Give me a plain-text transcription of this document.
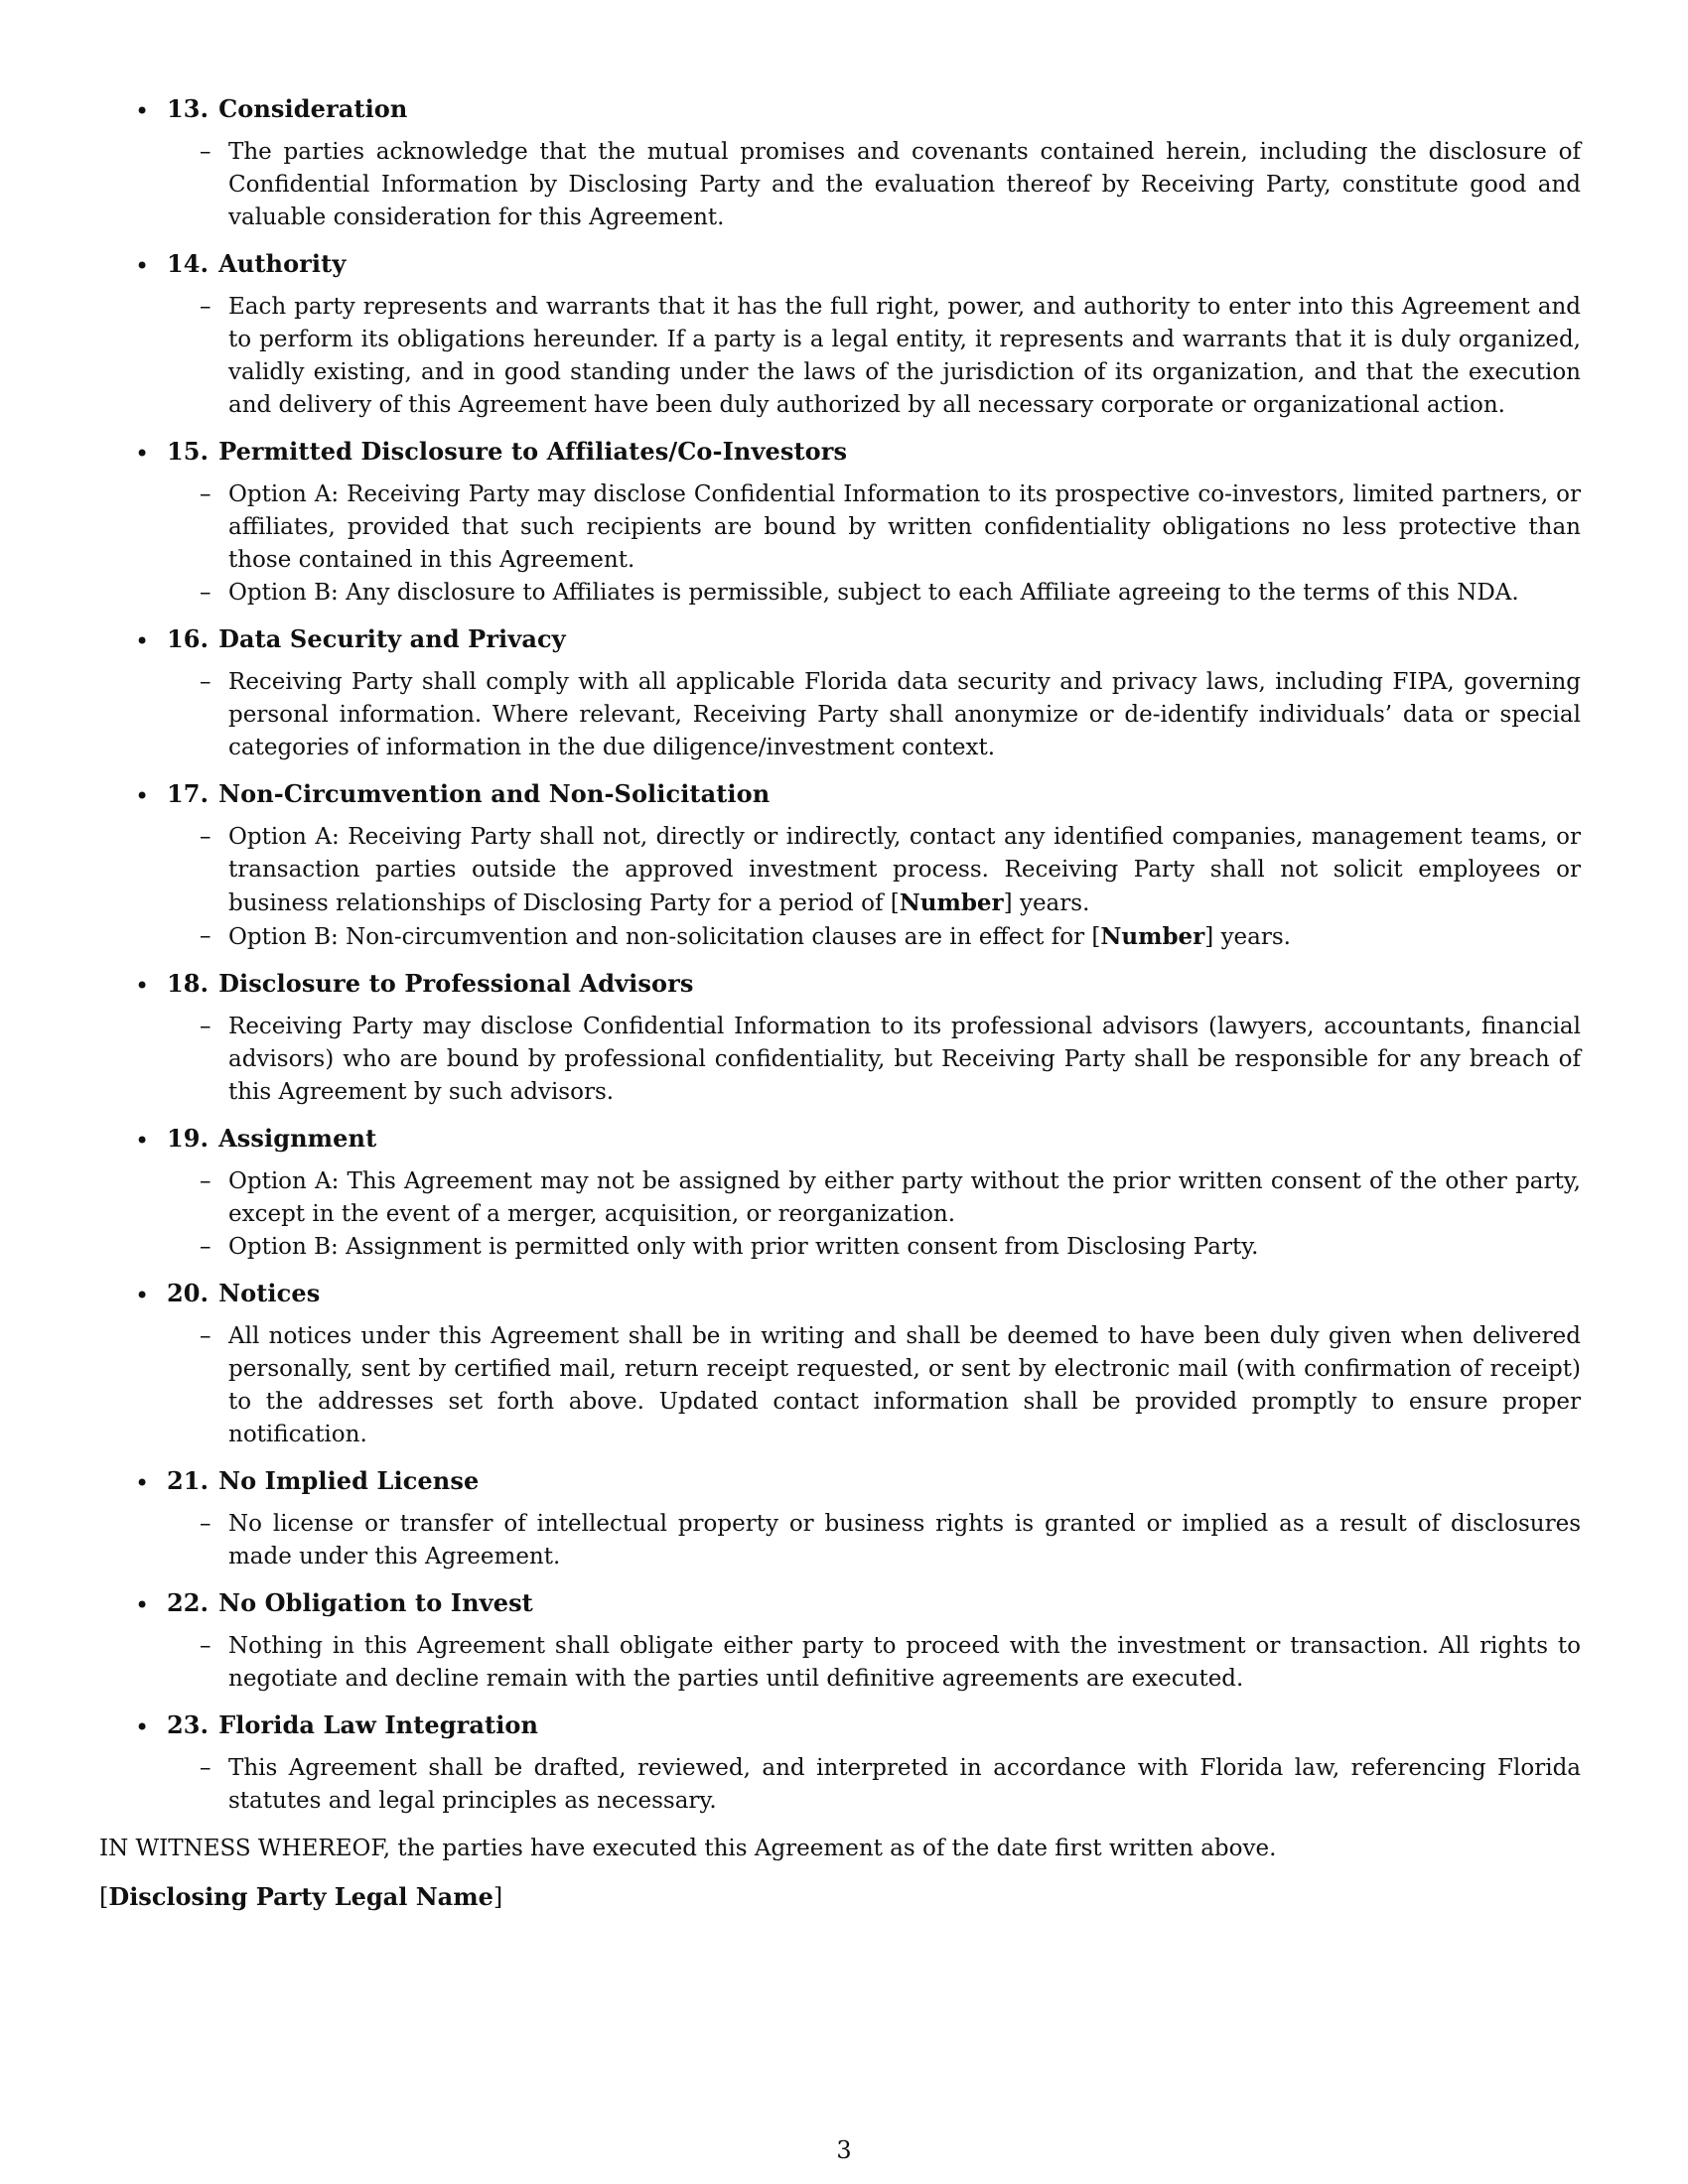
• 13. Consideration
– The parties acknowledge that the mutual promises and covenants contained herein, including the disclosure of Confidential Information by Disclosing Party and the evaluation thereof by Receiving Party, constitute good and valuable consideration for this Agreement.
• 14. Authority
– Each party represents and warrants that it has the full right, power, and authority to enter into this Agreement and to perform its obligations hereunder. If a party is a legal entity, it represents and warrants that it is duly organized, validly existing, and in good standing under the laws of the jurisdiction of its organization, and that the execution and delivery of this Agreement have been duly authorized by all necessary corporate or organizational action.
• 15. Permitted Disclosure to Affiliates/Co-Investors
– Option A: Receiving Party may disclose Confidential Information to its prospective co-investors, limited partners, or affiliates, provided that such recipients are bound by written confidentiality obligations no less protective than those contained in this Agreement.
– Option B: Any disclosure to Affiliates is permissible, subject to each Affiliate agreeing to the terms of this NDA.
• 16. Data Security and Privacy
– Receiving Party shall comply with all applicable Florida data security and privacy laws, including FIPA, governing personal information. Where relevant, Receiving Party shall anonymize or de-identify individuals’ data or special categories of information in the due diligence/investment context.
• 17. Non-Circumvention and Non-Solicitation
– Option A: Receiving Party shall not, directly or indirectly, contact any identified companies, management teams, or transaction parties outside the approved investment process. Receiving Party shall not solicit employees or business relationships of Disclosing Party for a period of [Number] years.
– Option B: Non-circumvention and non-solicitation clauses are in effect for [Number] years.
• 18. Disclosure to Professional Advisors
– Receiving Party may disclose Confidential Information to its professional advisors (lawyers, accountants, financial advisors) who are bound by professional confidentiality, but Receiving Party shall be responsible for any breach of this Agreement by such advisors.
• 19. Assignment
– Option A: This Agreement may not be assigned by either party without the prior written consent of the other party, except in the event of a merger, acquisition, or reorganization.
– Option B: Assignment is permitted only with prior written consent from Disclosing Party.
• 20. Notices
– All notices under this Agreement shall be in writing and shall be deemed to have been duly given when delivered personally, sent by certified mail, return receipt requested, or sent by electronic mail (with confirmation of receipt) to the addresses set forth above. Updated contact information shall be provided promptly to ensure proper notification.
• 21. No Implied License
– No license or transfer of intellectual property or business rights is granted or implied as a result of disclosures made under this Agreement.
• 22. No Obligation to Invest
– Nothing in this Agreement shall obligate either party to proceed with the investment or transaction. All rights to negotiate and decline remain with the parties until definitive agreements are executed.
• 23. Florida Law Integration
– This Agreement shall be drafted, reviewed, and interpreted in accordance with Florida law, referencing Florida statutes and legal principles as necessary.

IN WITNESS WHEREOF, the parties have executed this Agreement as of the date first written above.

[Disclosing Party Legal Name]
3
